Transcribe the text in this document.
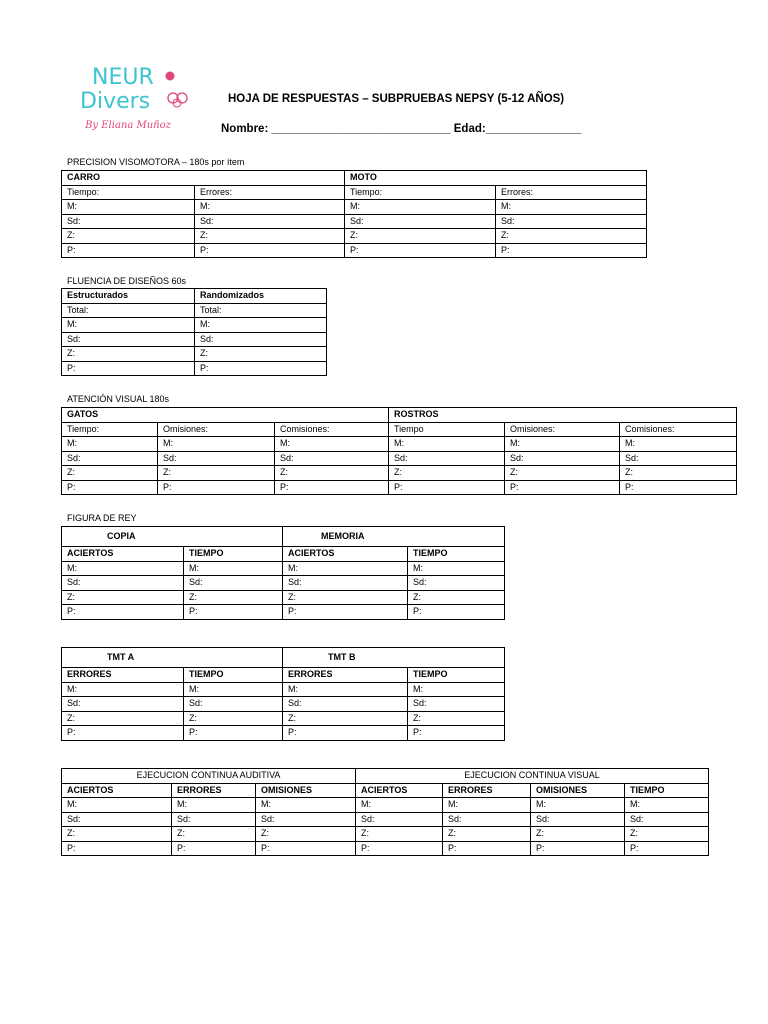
NEUR
Divers
By Eliana Muñoz
HOJA DE RESPUESTAS – SUBPRUEBAS NEPSY (5-12 AÑOS)
Nombre: ____________________________ Edad:_______________
PRECISION VISOMOTORA – 180s por ítem
CARRO		MOTO	
Tiempo:	Errores:	Tiempo:	Errores:
M:	M:	M:	M:
Sd:	Sd:	Sd:	Sd:
Z:	Z:	Z:	Z:
P:	P:	P:	P:
FLUENCIA DE DISEÑOS 60s
Estructurados	Randomizados
Total:	Total:
M:	M:
Sd:	Sd:
Z:	Z:
P:	P:
ATENCIÓN VISUAL 180s
GATOS			ROSTROS		
Tiempo:	Omisiones:	Comisiones:	Tiempo	Omisiones:	Comisiones:
M:	M:	M:	M:	M:	M:
Sd:	Sd:	Sd:	Sd:	Sd:	Sd:
Z:	Z:	Z:	Z:	Z:	Z:
P:	P:	P:	P:	P:	P:
FIGURA DE REY
COPIA		MEMORIA	
ACIERTOS	TIEMPO	ACIERTOS	TIEMPO
M:	M:	M:	M:
Sd:	Sd:	Sd:	Sd:
Z:	Z:	Z:	Z:
P:	P:	P:	P:
TMT A		TMT B	
ERRORES	TIEMPO	ERRORES	TIEMPO
M:	M:	M:	M:
Sd:	Sd:	Sd:	Sd:
Z:	Z:	Z:	Z:
P:	P:	P:	P:
EJECUCION CONTINUA AUDITIVA			EJECUCION CONTINUA VISUAL			
ACIERTOS	ERRORES	OMISIONES	ACIERTOS	ERRORES	OMISIONES	TIEMPO
M:	M:	M:	M:	M:	M:	M:
Sd:	Sd:	Sd:	Sd:	Sd:	Sd:	Sd:
Z:	Z:	Z:	Z:	Z:	Z:	Z:
P:	P:	P:	P:	P:	P:	P:
